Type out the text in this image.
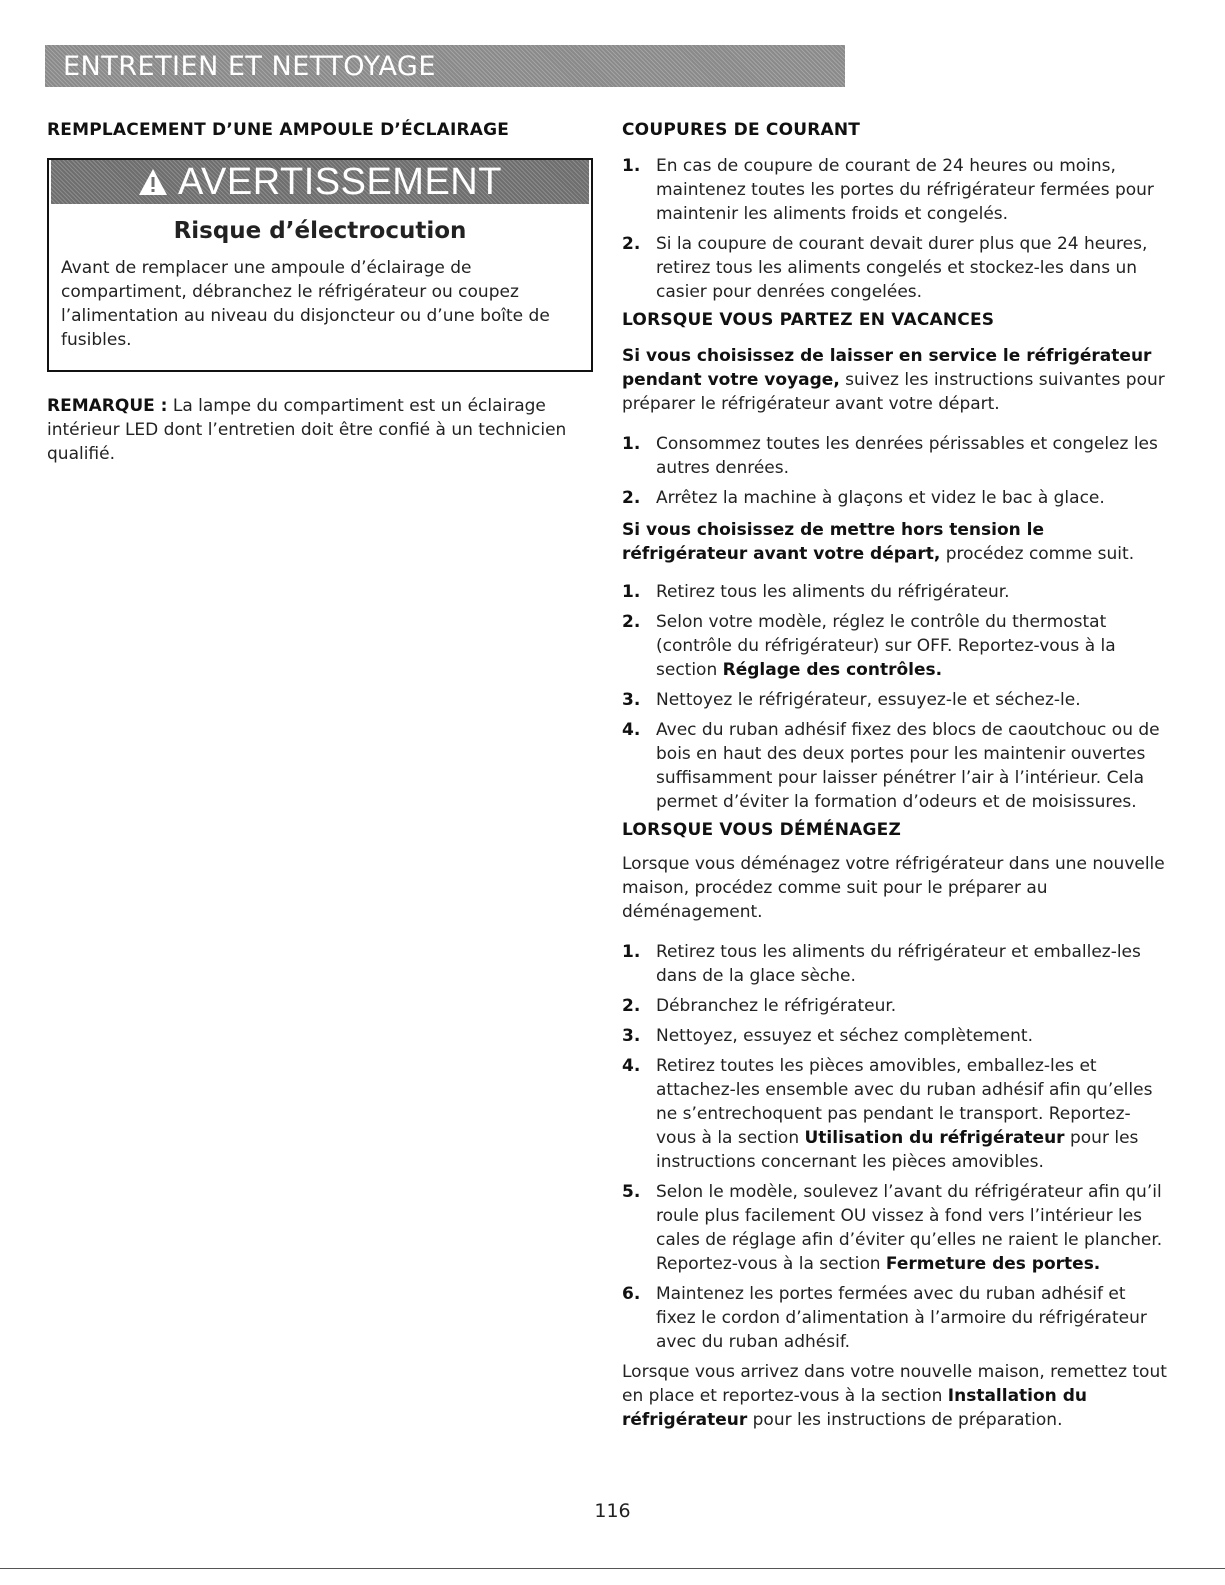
ENTRETIEN ET NETTOYAGE
REMPLACEMENT D’UNE AMPOULE D’ÉCLAIRAGE
AVERTISSEMENT
Risque d’électrocution
Avant de remplacer une ampoule d’éclairage de compartiment, débranchez le réfrigérateur ou coupez l’alimentation au niveau du disjoncteur ou d’une boîte de fusibles.
REMARQUE : La lampe du compartiment est un éclairage intérieur LED dont l’entretien doit être confié à un technicien qualifié.
COUPURES DE COURANT
1. En cas de coupure de courant de 24 heures ou moins, maintenez toutes les portes du réfrigérateur fermées pour maintenir les aliments froids et congelés.
2. Si la coupure de courant devait durer plus que 24 heures, retirez tous les aliments congelés et stockez-les dans un casier pour denrées congelées.
LORSQUE VOUS PARTEZ EN VACANCES
Si vous choisissez de laisser en service le réfrigérateur pendant votre voyage, suivez les instructions suivantes pour préparer le réfrigérateur avant votre départ.
1. Consommez toutes les denrées périssables et congelez les autres denrées.
2. Arrêtez la machine à glaçons et videz le bac à glace.
Si vous choisissez de mettre hors tension le réfrigérateur avant votre départ, procédez comme suit.
1. Retirez tous les aliments du réfrigérateur.
2. Selon votre modèle, réglez le contrôle du thermostat (contrôle du réfrigérateur) sur OFF. Reportez-vous à la section Réglage des contrôles.
3. Nettoyez le réfrigérateur, essuyez-le et séchez-le.
4. Avec du ruban adhésif fixez des blocs de caoutchouc ou de bois en haut des deux portes pour les maintenir ouvertes suffisamment pour laisser pénétrer l’air à l’intérieur. Cela permet d’éviter la formation d’odeurs et de moisissures.
LORSQUE VOUS DÉMÉNAGEZ
Lorsque vous déménagez votre réfrigérateur dans une nouvelle maison, procédez comme suit pour le préparer au déménagement.
1. Retirez tous les aliments du réfrigérateur et emballez-les dans de la glace sèche.
2. Débranchez le réfrigérateur.
3. Nettoyez, essuyez et séchez complètement.
4. Retirez toutes les pièces amovibles, emballez-les et attachez-les ensemble avec du ruban adhésif afin qu’elles ne s’entrechoquent pas pendant le transport. Reportez-vous à la section Utilisation du réfrigérateur pour les instructions concernant les pièces amovibles.
5. Selon le modèle, soulevez l’avant du réfrigérateur afin qu’il roule plus facilement OU vissez à fond vers l’intérieur les cales de réglage afin d’éviter qu’elles ne raient le plancher. Reportez-vous à la section Fermeture des portes.
6. Maintenez les portes fermées avec du ruban adhésif et fixez le cordon d’alimentation à l’armoire du réfrigérateur avec du ruban adhésif.
Lorsque vous arrivez dans votre nouvelle maison, remettez tout en place et reportez-vous à la section Installation du réfrigérateur pour les instructions de préparation.
116
